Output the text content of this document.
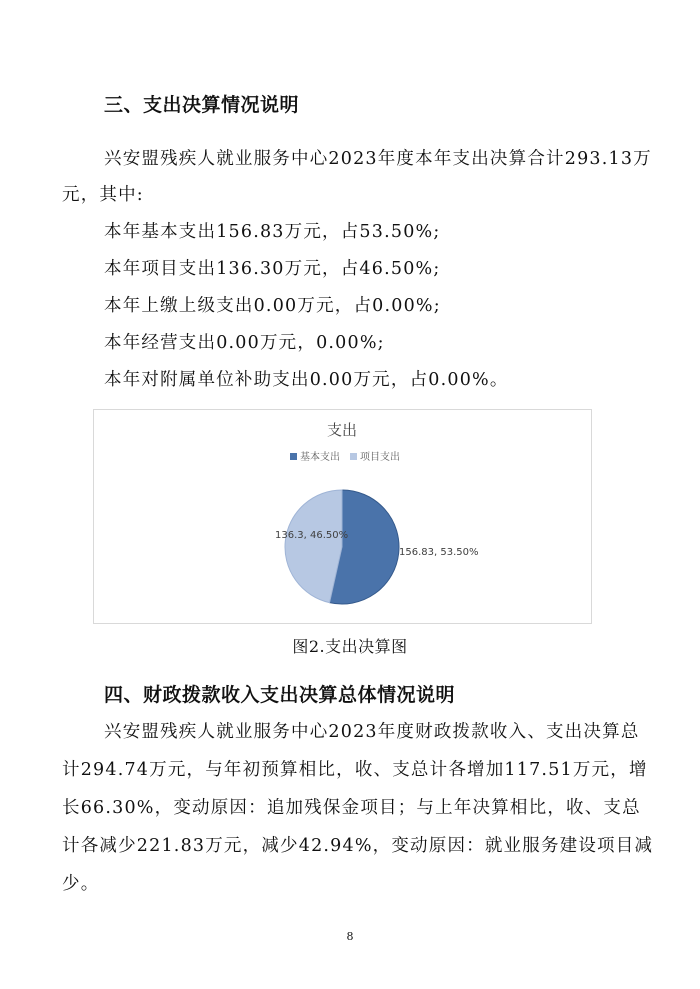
三、支出决算情况说明

兴安盟残疾人就业服务中心2023年度本年支出决算合计293.13万

元，其中:

本年基本支出156.83万元，占53.50%;

本年项目支出136.30万元，占46.50%;

本年上缴上级支出0.00万元，占0.00%;

本年经营支出0.00万元，0.00%;

本年对附属单位补助支出0.00万元，占0.00%。

支出
基本支出 项目支出
156.83, 53.50%
136.3, 46.50%

图2.支出决算图

四、财政拨款收入支出决算总体情况说明

兴安盟残疾人就业服务中心2023年度财政拨款收入、支出决算总

计294.74万元，与年初预算相比，收、支总计各增加117.51万元，增

长66.30%，变动原因：追加残保金项目；与上年决算相比，收、支总

计各减少221.83万元，减少42.94%，变动原因：就业服务建设项目减

少。

8
